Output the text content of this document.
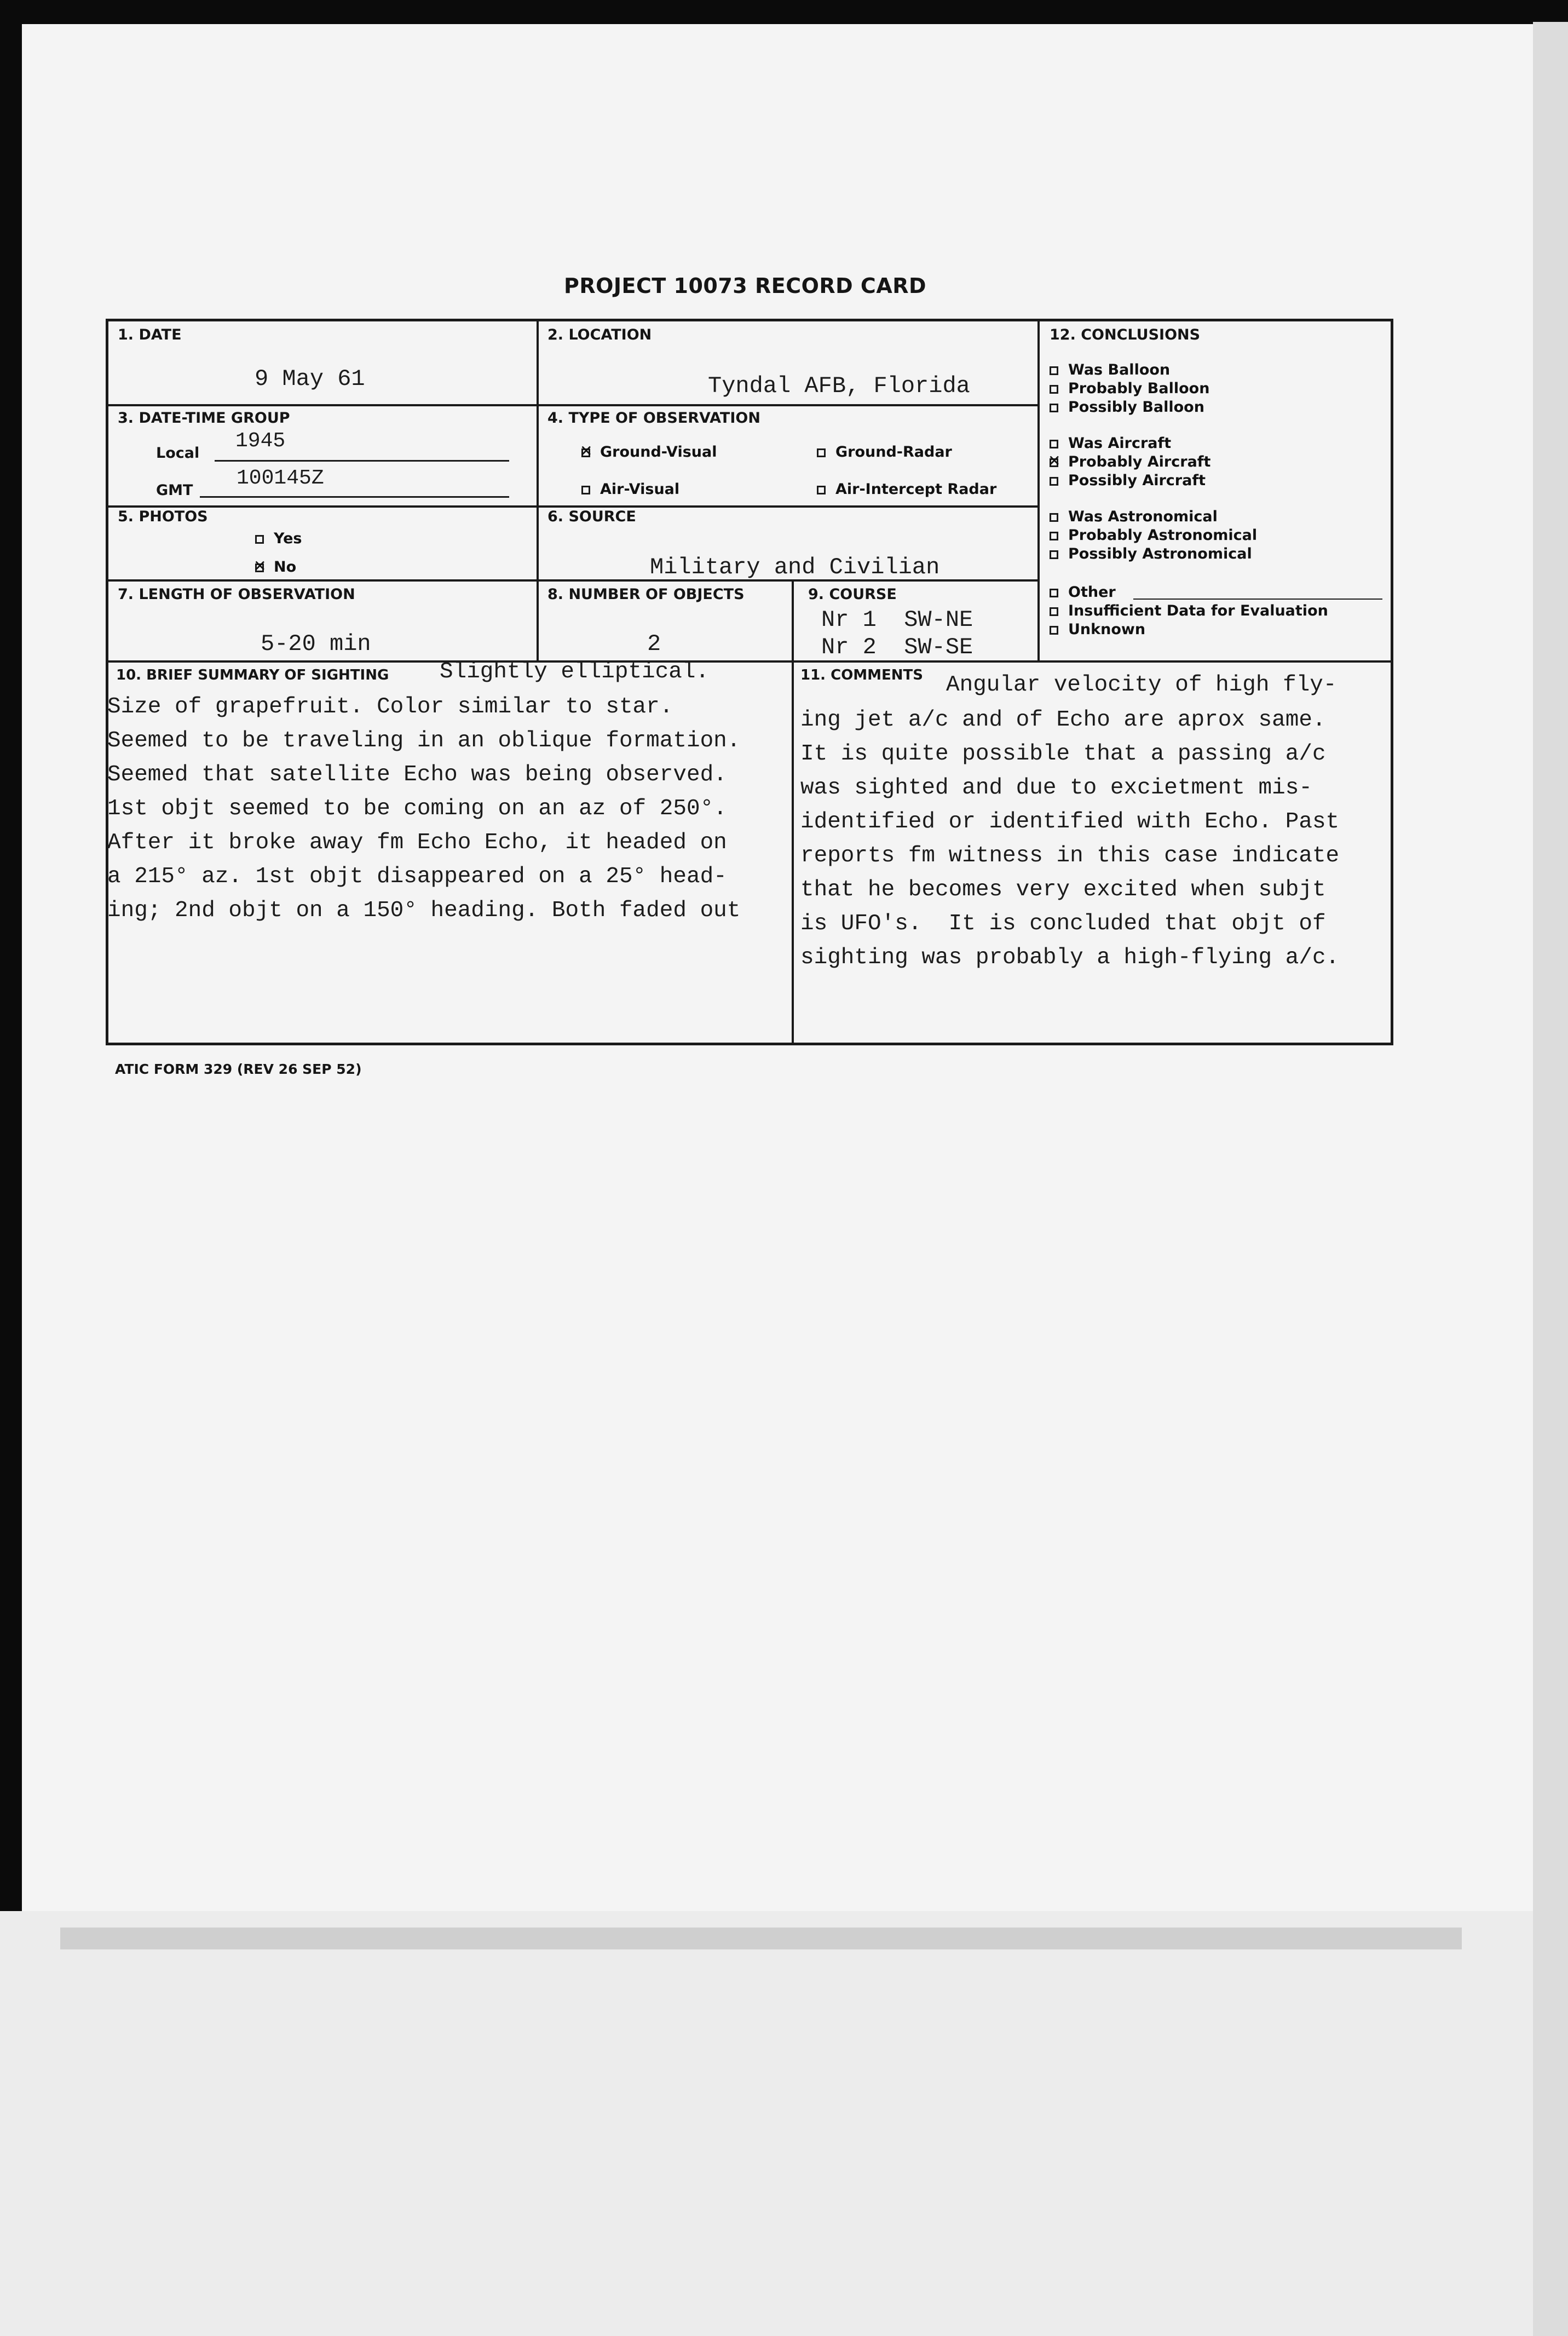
PROJECT 10073 RECORD CARD
1. DATE
9 May 61
2. LOCATION
Tyndal AFB, Florida
3. DATE-TIME GROUP
Local
1945
GMT
100145Z
4. TYPE OF OBSERVATION
✕Ground-Visual	Ground-Radar
Air-Visual	Air-Intercept Radar
5. PHOTOS
Yes
✕No
6. SOURCE
Military and Civilian
7. LENGTH OF OBSERVATION
5-20 min
8. NUMBER OF OBJECTS
2
9. COURSE
Nr 1  SW-NE
Nr 2  SW-SE
12. CONCLUSIONS
Was Balloon
Probably Balloon
Possibly Balloon
Was Aircraft
✕Probably Aircraft
Possibly Aircraft
Was Astronomical
Probably Astronomical
Possibly Astronomical
Other
Insufficient Data for Evaluation
Unknown
10. BRIEF SUMMARY OF SIGHTING Slightly elliptical.
Size of grapefruit. Color similar to star.
Seemed to be traveling in an oblique formation.
Seemed that satellite Echo was being observed.
1st objt seemed to be coming on an az of 250°.
After it broke away fm Echo Echo, it headed on
a 215° az. 1st objt disappeared on a 25° head-
ing; 2nd objt on a 150° heading. Both faded out
11. COMMENTS Angular velocity of high fly-
ing jet a/c and of Echo are aprox same.
It is quite possible that a passing a/c
was sighted and due to excietment mis-
identified or identified with Echo. Past
reports fm witness in this case indicate
that he becomes very excited when subjt
is UFO's.  It is concluded that objt of
sighting was probably a high-flying a/c.
ATIC FORM 329 (REV 26 SEP 52)
